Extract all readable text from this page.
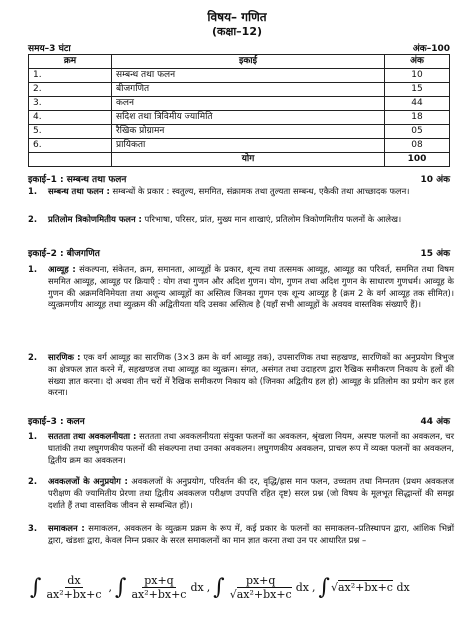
विषय– गणित
(कक्षा–12)
समय–3 घंटा	अंक–100
क्रम	इकाई	अंक
1.	सम्बन्ध तथा फलन	10
2.	बीजगणित	15
3.	कलन	44
4.	सदिश तथा त्रिविमीय ज्यामिति	18
5.	रैखिक प्रोग्रामन	05
6.	प्रायिकता	08
	योग	100
इकाई–1 : सम्बन्ध तथा फलन	10 अंक
1. सम्बन्ध तथा फलन : सम्बन्धों के प्रकार : स्वतुल्य, सममित, संक्रामक तथा तुल्यता सम्बन्ध, एकैकी तथा आच्छादक फलन।
2. प्रतिलोम त्रिकोणमितीय फलन : परिभाषा, परिसर, प्रांत, मुख्य मान शाखाएं, प्रतिलोम त्रिकोणमितीय फलनों के आलेख।
इकाई–2 : बीजगणित	15 अंक
1. आव्यूह : संकल्पना, संकेतन, क्रम, समानता, आव्यूहों के प्रकार, शून्य तथा तत्समक आव्यूह, आव्यूह का परिवर्त, सममित तथा विषम सममित आव्यूह, आव्यूह पर क्रियाएँ : योग तथा गुणन और अदिश गुणन। योग, गुणन तथा अदिश गुणन के साधारण गुणधर्म। आव्यूह के गुणन की अक्रमविनिमेयता तथा अशून्य आव्यूहों का अस्तित्व जिनका गुणन एक शून्य आव्यूह है (क्रम 2 के वर्ग आव्यूह तक सीमित)। व्युत्क्रमणीय आव्यूह तथा व्युत्क्रम की अद्वितीयता यदि उसका अस्तित्व है (यहाँ सभी आव्यूहों के अवयव वास्तविक संख्याएँ हैं)।
2. सारणिक : एक वर्ग आव्यूह का सारणिक (3×3 क्रम के वर्ग आव्यूह तक), उपसारणिक तथा सहखण्ड, सारणिकों का अनुप्रयोग त्रिभुज का क्षेत्रफल ज्ञात करने में, सहखण्डज तथा आव्यूह का व्युत्क्रम। संगत, असंगत तथा उदाहरण द्वारा रैखिक समीकरण निकाय के हलों की संख्या ज्ञात करना। दो अथवा तीन चरों में रैखिक समीकरण निकाय को (जिनका अद्वितीय हल हो) आव्यूह के प्रतिलोम का प्रयोग कर हल करना।
इकाई–3 : कलन	44 अंक
1. सततता तथा अवकलनीयता : सततता तथा अवकलनीयता संयुक्त फलनों का अवकलन, श्रृंखला नियम, अस्पष्ट फलनों का अवकलन, चर घातांकी तथा लघुगणकीय फलनों की संकल्पना तथा उनका अवकलन। लघुगणकीय अवकलन, प्राचल रूप में व्यक्त फलनों का अवकलन, द्वितीय क्रम का अवकलन।
2. अवकलजों के अनुप्रयोग : अवकलजों के अनुप्रयोग, परिवर्तन की दर, वृद्धि/ह्रास मान फलन, उच्चतम तथा निम्नतम (प्रथम अवकलज परीक्षण की ज्यामितीय प्रेरणा तथा द्वितीय अवकलज परीक्षण उपपत्ति रहित दृष्ट) सरल प्रश्न (जो विषय के मूलभूत सिद्धान्तों की समझ दर्शाते हैं तथा वास्तविक जीवन से सम्बन्धित हों)।
3. समाकलन : समाकलन, अवकलन के व्युत्क्रम प्रक्रम के रूप में, कई प्रकार के फलनों का समाकलन–प्रतिस्थापन द्वारा, आंशिक भिन्नों द्वारा, खंडशः द्वारा, केवल निम्न प्रकार के सरल समाकलनों का मान ज्ञात करना तथा उन पर आधारित प्रश्न –
∫ $\frac{dx}{\text{ax²+bx+c}}$ , ∫ $\frac{px+q}{\text{ax²+bx+c}}$ dx , ∫ $\frac{px+q}{\text{√ax²+bx+c}}$ dx , ∫ √ax²+bx+c dx
